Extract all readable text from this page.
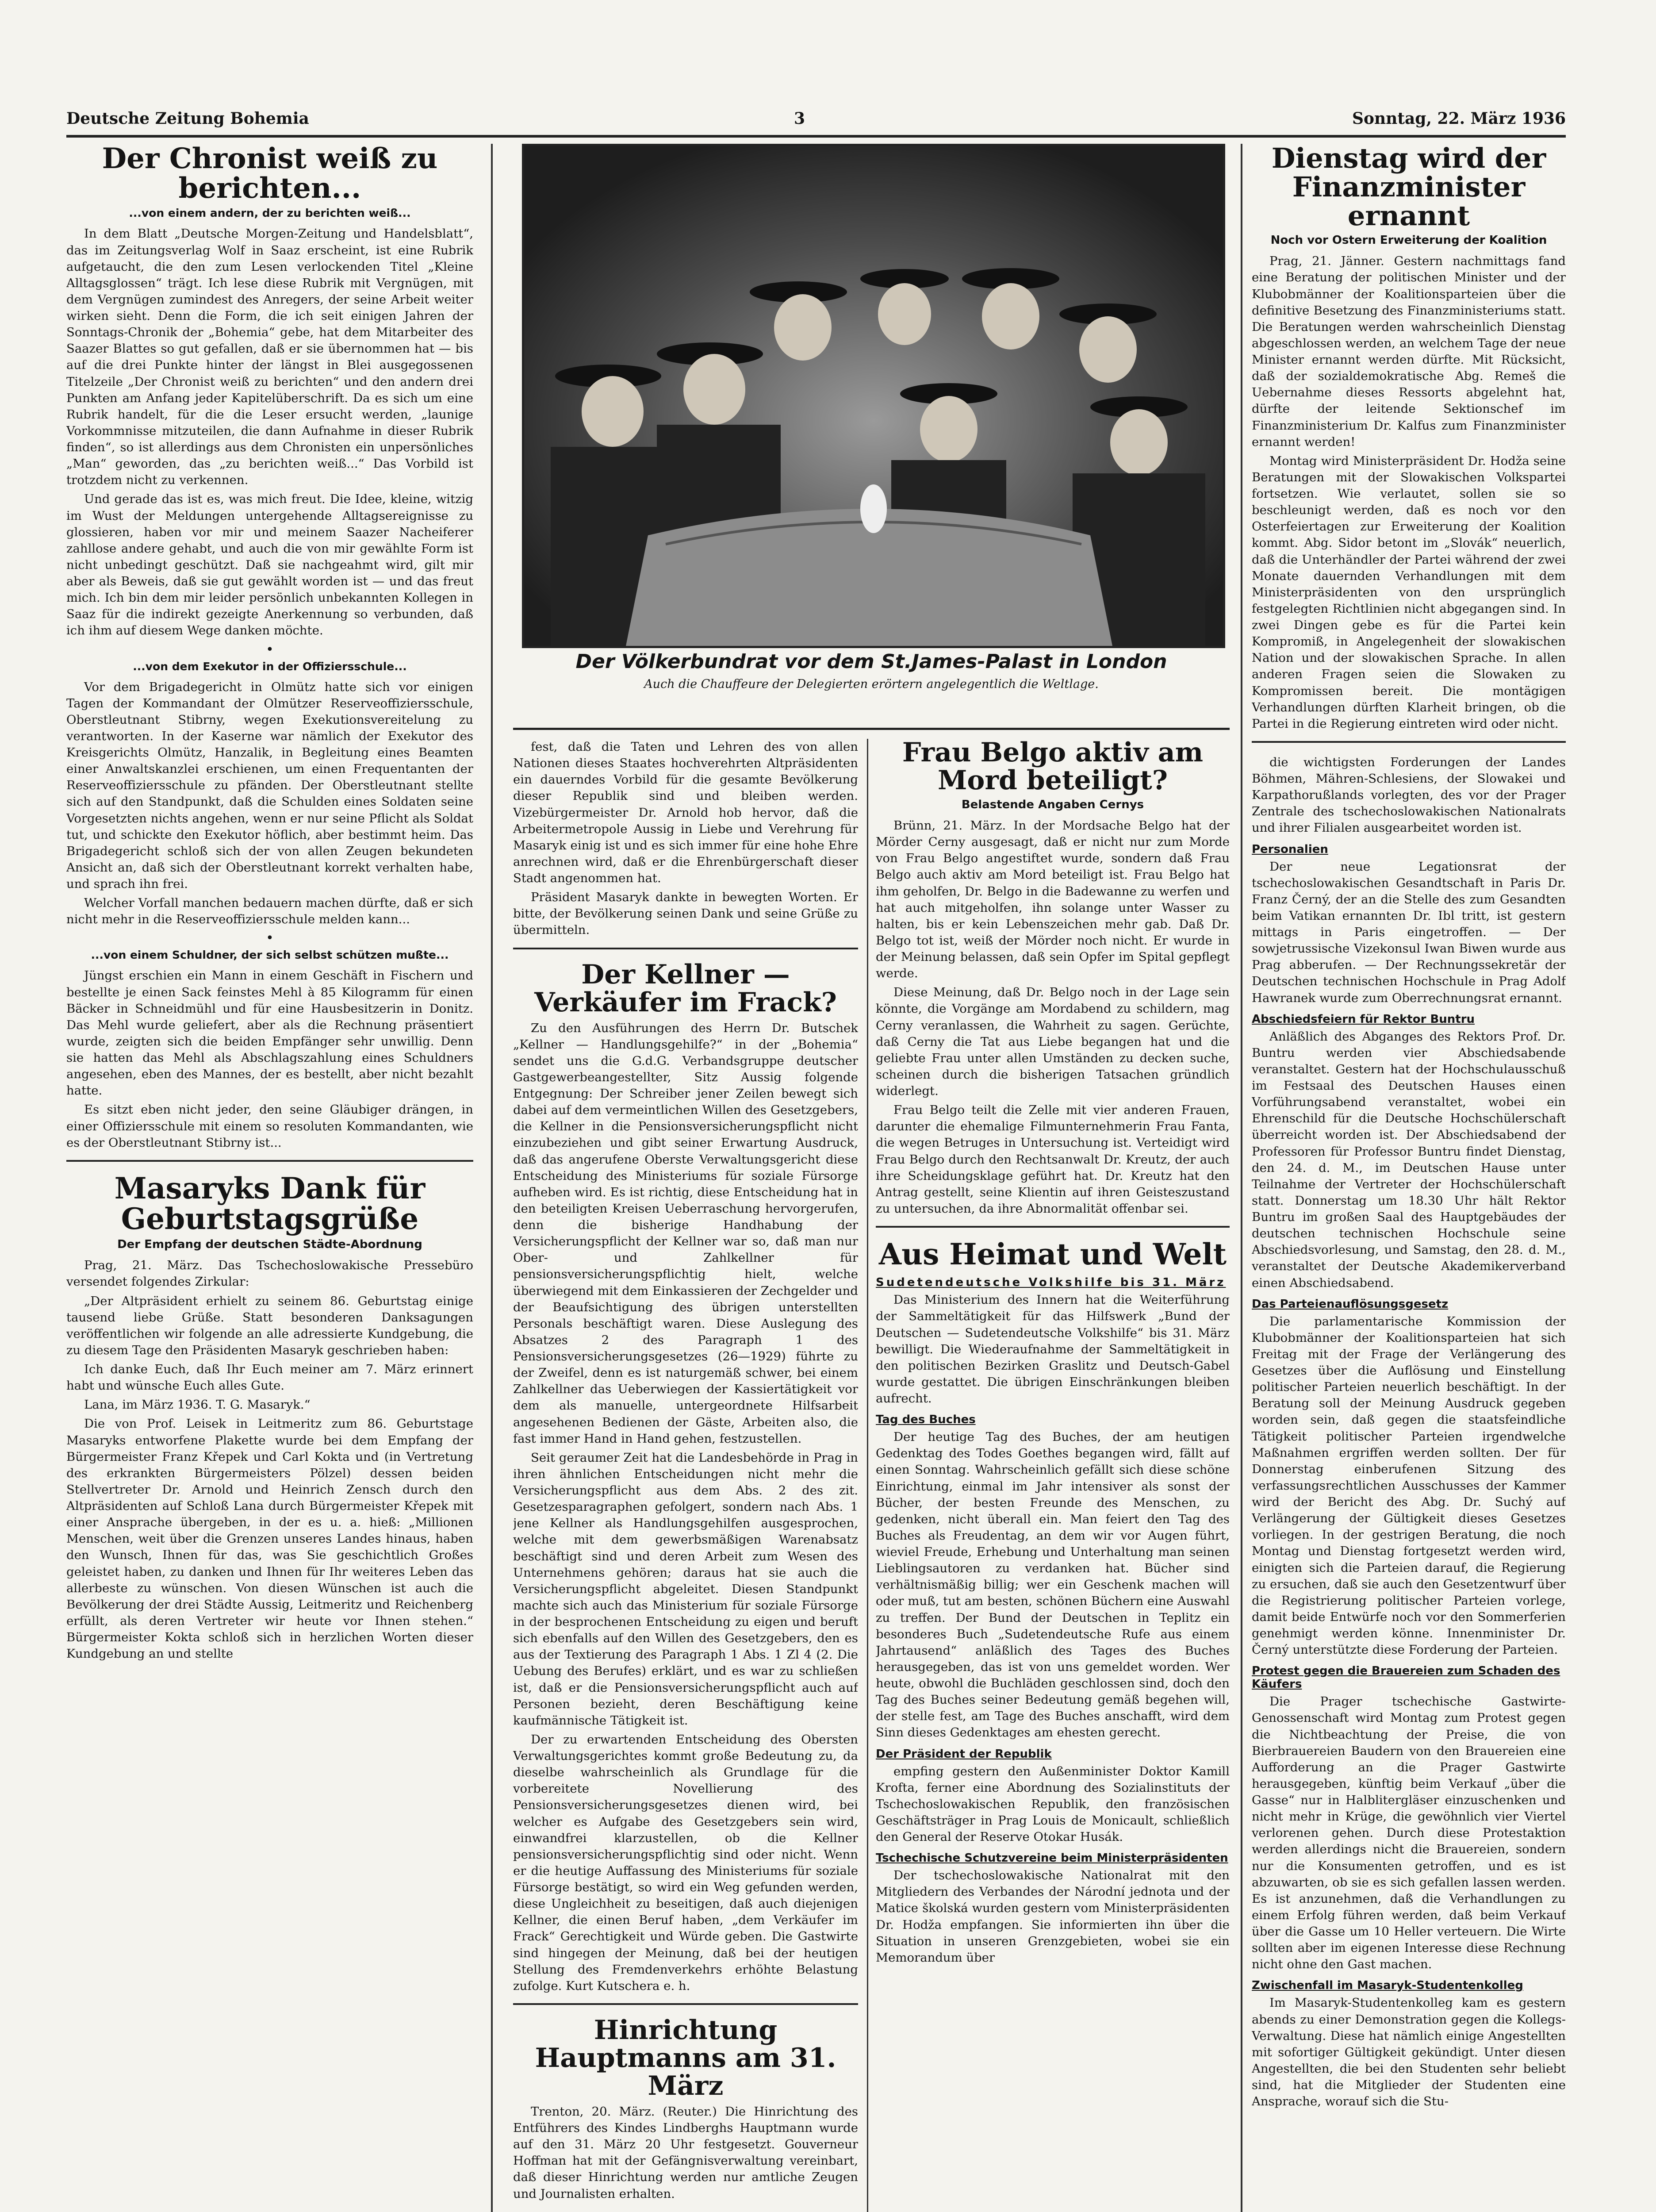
Deutsche Zeitung Bohemia	3	Sonntag, 22. März 1936
Der Chronist weiß zu berichten...
...von einem andern, der zu berichten weiß...

In dem Blatt „Deutsche Morgen-Zeitung und Handelsblatt“, das im Zeitungsverlag Wolf in Saaz erscheint, ist eine Rubrik aufgetaucht, die den zum Lesen verlockenden Titel „Kleine Alltagsglossen“ trägt. Ich lese diese Rubrik mit Vergnügen, mit dem Vergnügen zumindest des Anregers, der seine Arbeit weiter wirken sieht. Denn die Form, die ich seit einigen Jahren der Sonntags-Chronik der „Bohemia“ gebe, hat dem Mitarbeiter des Saazer Blattes so gut gefallen, daß er sie übernommen hat — bis auf die drei Punkte hinter der längst in Blei ausgegossenen Titelzeile „Der Chronist weiß zu berichten“ und den andern drei Punkten am Anfang jeder Kapitelüberschrift. Da es sich um eine Rubrik handelt, für die die Leser ersucht werden, „launige Vorkommnisse mitzuteilen, die dann Aufnahme in dieser Rubrik finden“, so ist allerdings aus dem Chronisten ein unpersönliches „Man“ geworden, das „zu berichten weiß...“ Das Vorbild ist trotzdem nicht zu verkennen.

Und gerade das ist es, was mich freut. Die Idee, kleine, witzig im Wust der Meldungen untergehende Alltagsereignisse zu glossieren, haben vor mir und meinem Saazer Nacheiferer zahllose andere gehabt, und auch die von mir gewählte Form ist nicht unbedingt geschützt. Daß sie nachgeahmt wird, gilt mir aber als Beweis, daß sie gut gewählt worden ist — und das freut mich. Ich bin dem mir leider persönlich unbekannten Kollegen in Saaz für die indirekt gezeigte Anerkennung so verbunden, daß ich ihm auf diesem Wege danken möchte.

•
...von dem Exekutor in der Offiziersschule...

Vor dem Brigadegericht in Olmütz hatte sich vor einigen Tagen der Kommandant der Olmützer Reserveoffiziersschule, Oberstleutnant Stibrny, wegen Exekutionsvereitelung zu verantworten. In der Kaserne war nämlich der Exekutor des Kreisgerichts Olmütz, Hanzalik, in Begleitung eines Beamten einer Anwaltskanzlei erschienen, um einen Frequentanten der Reserveoffiziersschule zu pfänden. Der Oberstleutnant stellte sich auf den Standpunkt, daß die Schulden eines Soldaten seine Vorgesetzten nichts angehen, wenn er nur seine Pflicht als Soldat tut, und schickte den Exekutor höflich, aber bestimmt heim. Das Brigadegericht schloß sich der von allen Zeugen bekundeten Ansicht an, daß sich der Oberstleutnant korrekt verhalten habe, und sprach ihn frei.

Welcher Vorfall manchen bedauern machen dürfte, daß er sich nicht mehr in die Reserveoffiziersschule melden kann...

•
...von einem Schuldner, der sich selbst schützen mußte...

Jüngst erschien ein Mann in einem Geschäft in Fischern und bestellte je einen Sack feinstes Mehl à 85 Kilogramm für einen Bäcker in Schneidmühl und für eine Hausbesitzerin in Donitz. Das Mehl wurde geliefert, aber als die Rechnung präsentiert wurde, zeigten sich die beiden Empfänger sehr unwillig. Denn sie hatten das Mehl als Abschlagszahlung eines Schuldners angesehen, eben des Mannes, der es bestellt, aber nicht bezahlt hatte.

Es sitzt eben nicht jeder, den seine Gläubiger drängen, in einer Offiziersschule mit einem so resoluten Kommandanten, wie es der Oberstleutnant Stibrny ist...

Masaryks Dank für Geburtstagsgrüße
Der Empfang der deutschen Städte-Abordnung

Prag, 21. März. Das Tschechoslowakische Pressebüro versendet folgendes Zirkular:

„Der Altpräsident erhielt zu seinem 86. Geburtstag einige tausend liebe Grüße. Statt besonderen Danksagungen veröffentlichen wir folgende an alle adressierte Kundgebung, die zu diesem Tage den Präsidenten Masaryk geschrieben haben:

Ich danke Euch, daß Ihr Euch meiner am 7. März erinnert habt und wünsche Euch alles Gute.

Lana, im März 1936. T. G. Masaryk.“

Die von Prof. Leisek in Leitmeritz zum 86. Geburtstage Masaryks entworfene Plakette wurde bei dem Empfang der Bürgermeister Franz Křepek und Carl Kokta und (in Vertretung des erkrankten Bürgermeisters Pölzel) dessen beiden Stellvertreter Dr. Arnold und Heinrich Zensch durch den Altpräsidenten auf Schloß Lana durch Bürgermeister Křepek mit einer Ansprache übergeben, in der es u. a. hieß: „Millionen Menschen, weit über die Grenzen unseres Landes hinaus, haben den Wunsch, Ihnen für das, was Sie geschichtlich Großes geleistet haben, zu danken und Ihnen für Ihr weiteres Leben das allerbeste zu wünschen. Von diesen Wünschen ist auch die Bevölkerung der drei Städte Aussig, Leitmeritz und Reichenberg erfüllt, als deren Vertreter wir heute vor Ihnen stehen.“ Bürgermeister Kokta schloß sich in herzlichen Worten dieser Kundgebung an und stellte

Der Völkerbundrat vor dem St.James-Palast in London
Auch die Chauffeure der Delegierten erörtern angelegentlich die Weltlage.

fest, daß die Taten und Lehren des von allen Nationen dieses Staates hochverehrten Altpräsidenten ein dauerndes Vorbild für die gesamte Bevölkerung dieser Republik sind und bleiben werden. Vizebürgermeister Dr. Arnold hob hervor, daß die Arbeitermetropole Aussig in Liebe und Verehrung für Masaryk einig ist und es sich immer für eine hohe Ehre anrechnen wird, daß er die Ehrenbürgerschaft dieser Stadt angenommen hat.

Präsident Masaryk dankte in bewegten Worten. Er bitte, der Bevölkerung seinen Dank und seine Grüße zu übermitteln.

Der Kellner — Verkäufer im Frack?

Zu den Ausführungen des Herrn Dr. Butschek „Kellner — Handlungsgehilfe?“ in der „Bohemia“ sendet uns die G.d.G. Verbandsgruppe deutscher Gastgewerbeangestellter, Sitz Aussig folgende Entgegnung: Der Schreiber jener Zeilen bewegt sich dabei auf dem vermeintlichen Willen des Gesetzgebers, die Kellner in die Pensionsversicherungspflicht nicht einzubeziehen und gibt seiner Erwartung Ausdruck, daß das angerufene Oberste Verwaltungsgericht diese Entscheidung des Ministeriums für soziale Fürsorge aufheben wird. Es ist richtig, diese Entscheidung hat in den beteiligten Kreisen Ueberraschung hervorgerufen, denn die bisherige Handhabung der Versicherungspflicht der Kellner war so, daß man nur Ober- und Zahlkellner für pensionsversicherungspflichtig hielt, welche überwiegend mit dem Einkassieren der Zechgelder und der Beaufsichtigung des übrigen unterstellten Personals beschäftigt waren. Diese Auslegung des Absatzes 2 des Paragraph 1 des Pensionsversicherungsgesetzes (26—1929) führte zu der Zweifel, denn es ist naturgemäß schwer, bei einem Zahlkellner das Ueberwiegen der Kassiertätigkeit vor dem als manuelle, untergeordnete Hilfsarbeit angesehenen Bedienen der Gäste, Arbeiten also, die fast immer Hand in Hand gehen, festzustellen.

Seit geraumer Zeit hat die Landesbehörde in Prag in ihren ähnlichen Entscheidungen nicht mehr die Versicherungspflicht aus dem Abs. 2 des zit. Gesetzesparagraphen gefolgert, sondern nach Abs. 1 jene Kellner als Handlungsgehilfen ausgesprochen, welche mit dem gewerbsmäßigen Warenabsatz beschäftigt sind und deren Arbeit zum Wesen des Unternehmens gehören; daraus hat sie auch die Versicherungspflicht abgeleitet. Diesen Standpunkt machte sich auch das Ministerium für soziale Fürsorge in der besprochenen Entscheidung zu eigen und beruft sich ebenfalls auf den Willen des Gesetzgebers, den es aus der Textierung des Paragraph 1 Abs. 1 Zl 4 (2. Die Uebung des Berufes) erklärt, und es war zu schließen ist, daß er die Pensionsversicherungspflicht auch auf Personen bezieht, deren Beschäftigung keine kaufmännische Tätigkeit ist.

Der zu erwartenden Entscheidung des Obersten Verwaltungsgerichtes kommt große Bedeutung zu, da dieselbe wahrscheinlich als Grundlage für die vorbereitete Novellierung des Pensionsversicherungsgesetzes dienen wird, bei welcher es Aufgabe des Gesetzgebers sein wird, einwandfrei klarzustellen, ob die Kellner pensionsversicherungspflichtig sind oder nicht. Wenn er die heutige Auffassung des Ministeriums für soziale Fürsorge bestätigt, so wird ein Weg gefunden werden, diese Ungleichheit zu beseitigen, daß auch diejenigen Kellner, die einen Beruf haben, „dem Verkäufer im Frack“ Gerechtigkeit und Würde geben. Die Gastwirte sind hingegen der Meinung, daß bei der heutigen Stellung des Fremdenverkehrs erhöhte Belastung zufolge. Kurt Kutschera e. h.

Hinrichtung Hauptmanns am 31. März

Trenton, 20. März. (Reuter.) Die Hinrichtung des Entführers des Kindes Lindberghs Hauptmann wurde auf den 31. März 20 Uhr festgesetzt. Gouverneur Hoffman hat mit der Gefängnisverwaltung vereinbart, daß dieser Hinrichtung werden nur amtliche Zeugen und Journalisten erhalten.

Frau Belgo aktiv am Mord beteiligt?
Belastende Angaben Cernys

Brünn, 21. März. In der Mordsache Belgo hat der Mörder Cerny ausgesagt, daß er nicht nur zum Morde von Frau Belgo angestiftet wurde, sondern daß Frau Belgo auch aktiv am Mord beteiligt ist. Frau Belgo hat ihm geholfen, Dr. Belgo in die Badewanne zu werfen und hat auch mitgeholfen, ihn solange unter Wasser zu halten, bis er kein Lebenszeichen mehr gab. Daß Dr. Belgo tot ist, weiß der Mörder noch nicht. Er wurde in der Meinung belassen, daß sein Opfer im Spital gepflegt werde.

Diese Meinung, daß Dr. Belgo noch in der Lage sein könnte, die Vorgänge am Mordabend zu schildern, mag Cerny veranlassen, die Wahrheit zu sagen. Gerüchte, daß Cerny die Tat aus Liebe begangen hat und die geliebte Frau unter allen Umständen zu decken suche, scheinen durch die bisherigen Tatsachen gründlich widerlegt.

Frau Belgo teilt die Zelle mit vier anderen Frauen, darunter die ehemalige Filmunternehmerin Frau Fanta, die wegen Betruges in Untersuchung ist. Verteidigt wird Frau Belgo durch den Rechtsanwalt Dr. Kreutz, der auch ihre Scheidungsklage geführt hat. Dr. Kreutz hat den Antrag gestellt, seine Klientin auf ihren Geisteszustand zu untersuchen, da ihre Abnormalität offenbar sei.

Aus Heimat und Welt
Sudetendeutsche Volkshilfe bis 31. März

Das Ministerium des Innern hat die Weiterführung der Sammeltätigkeit für das Hilfswerk „Bund der Deutschen — Sudetendeutsche Volkshilfe“ bis 31. März bewilligt. Die Wiederaufnahme der Sammeltätigkeit in den politischen Bezirken Graslitz und Deutsch-Gabel wurde gestattet. Die übrigen Einschränkungen bleiben aufrecht.

Tag des Buches

Der heutige Tag des Buches, der am heutigen Gedenktag des Todes Goethes begangen wird, fällt auf einen Sonntag. Wahrscheinlich gefällt sich diese schöne Einrichtung, einmal im Jahr intensiver als sonst der Bücher, der besten Freunde des Menschen, zu gedenken, nicht überall ein. Man feiert den Tag des Buches als Freudentag, an dem wir vor Augen führt, wieviel Freude, Erhebung und Unterhaltung man seinen Lieblingsautoren zu verdanken hat. Bücher sind verhältnismäßig billig; wer ein Geschenk machen will oder muß, tut am besten, schönen Büchern eine Auswahl zu treffen. Der Bund der Deutschen in Teplitz ein besonderes Buch „Sudetendeutsche Rufe aus einem Jahrtausend“ anläßlich des Tages des Buches herausgegeben, das ist von uns gemeldet worden. Wer heute, obwohl die Buchläden geschlossen sind, doch den Tag des Buches seiner Bedeutung gemäß begehen will, der stelle fest, am Tage des Buches anschafft, wird dem Sinn dieses Gedenktages am ehesten gerecht.

Der Präsident der Republik

empfing gestern den Außenminister Doktor Kamill Krofta, ferner eine Abordnung des Sozialinstituts der Tschechoslowakischen Republik, den französischen Geschäftsträger in Prag Louis de Monicault, schließlich den General der Reserve Otokar Husák.

Tschechische Schutzvereine beim Ministerpräsidenten

Der tschechoslowakische Nationalrat mit den Mitgliedern des Verbandes der Národní jednota und der Matice školská wurden gestern vom Ministerpräsidenten Dr. Hodža empfangen. Sie informierten ihn über die Situation in unseren Grenzgebieten, wobei sie ein Memorandum über

Dienstag wird der Finanzminister ernannt
Noch vor Ostern Erweiterung der Koalition

Prag, 21. Jänner. Gestern nachmittags fand eine Beratung der politischen Minister und der Klubobmänner der Koalitionsparteien über die definitive Besetzung des Finanzministeriums statt. Die Beratungen werden wahrscheinlich Dienstag abgeschlossen werden, an welchem Tage der neue Minister ernannt werden dürfte. Mit Rücksicht, daß der sozialdemokratische Abg. Remeš die Uebernahme dieses Ressorts abgelehnt hat, dürfte der leitende Sektionschef im Finanzministerium Dr. Kalfus zum Finanzminister ernannt werden!

Montag wird Ministerpräsident Dr. Hodža seine Beratungen mit der Slowakischen Volkspartei fortsetzen. Wie verlautet, sollen sie so beschleunigt werden, daß es noch vor den Osterfeiertagen zur Erweiterung der Koalition kommt. Abg. Sidor betont im „Slovák“ neuerlich, daß die Unterhändler der Partei während der zwei Monate dauernden Verhandlungen mit dem Ministerpräsidenten von den ursprünglich festgelegten Richtlinien nicht abgegangen sind. In zwei Dingen gebe es für die Partei kein Kompromiß, in Angelegenheit der slowakischen Nation und der slowakischen Sprache. In allen anderen Fragen seien die Slowaken zu Kompromissen bereit. Die montägigen Verhandlungen dürften Klarheit bringen, ob die Partei in die Regierung eintreten wird oder nicht.

die wichtigsten Forderungen der Landes Böhmen, Mähren-Schlesiens, der Slowakei und Karpathorußlands vorlegten, des vor der Prager Zentrale des tschechoslowakischen Nationalrats und ihrer Filialen ausgearbeitet worden ist.

Personalien

Der neue Legationsrat der tschechoslowakischen Gesandtschaft in Paris Dr. Franz Černý, der an die Stelle des zum Gesandten beim Vatikan ernannten Dr. Ibl tritt, ist gestern mittags in Paris eingetroffen. — Der sowjetrussische Vizekonsul Iwan Biwen wurde aus Prag abberufen. — Der Rechnungssekretär der Deutschen technischen Hochschule in Prag Adolf Hawranek wurde zum Oberrechnungsrat ernannt.

Abschiedsfeiern für Rektor Buntru

Anläßlich des Abganges des Rektors Prof. Dr. Buntru werden vier Abschiedsabende veranstaltet. Gestern hat der Hochschulausschuß im Festsaal des Deutschen Hauses einen Vorführungsabend veranstaltet, wobei ein Ehrenschild für die Deutsche Hochschülerschaft überreicht worden ist. Der Abschiedsabend der Professoren für Professor Buntru findet Dienstag, den 24. d. M., im Deutschen Hause unter Teilnahme der Vertreter der Hochschülerschaft statt. Donnerstag um 18.30 Uhr hält Rektor Buntru im großen Saal des Hauptgebäudes der deutschen technischen Hochschule seine Abschiedsvorlesung, und Samstag, den 28. d. M., veranstaltet der Deutsche Akademikerverband einen Abschiedsabend.

Das Parteienauflösungsgesetz

Die parlamentarische Kommission der Klubobmänner der Koalitionsparteien hat sich Freitag mit der Frage der Verlängerung des Gesetzes über die Auflösung und Einstellung politischer Parteien neuerlich beschäftigt. In der Beratung soll der Meinung Ausdruck gegeben worden sein, daß gegen die staatsfeindliche Tätigkeit politischer Parteien irgendwelche Maßnahmen ergriffen werden sollten. Der für Donnerstag einberufenen Sitzung des verfassungsrechtlichen Ausschusses der Kammer wird der Bericht des Abg. Dr. Suchý auf Verlängerung der Gültigkeit dieses Gesetzes vorliegen. In der gestrigen Beratung, die noch Montag und Dienstag fortgesetzt werden wird, einigten sich die Parteien darauf, die Regierung zu ersuchen, daß sie auch den Gesetzentwurf über die Registrierung politischer Parteien vorlege, damit beide Entwürfe noch vor den Sommerferien genehmigt werden könne. Innenminister Dr. Černý unterstützte diese Forderung der Parteien.

Protest gegen die Brauereien zum Schaden des Käufers

Die Prager tschechische Gastwirte-Genossenschaft wird Montag zum Protest gegen die Nichtbeachtung der Preise, die von Bierbrauereien Baudern von den Brauereien eine Aufforderung an die Prager Gastwirte herausgegeben, künftig beim Verkauf „über die Gasse“ nur in Halblitergläser einzuschenken und nicht mehr in Krüge, die gewöhnlich vier Viertel verlorenen gehen. Durch diese Protestaktion werden allerdings nicht die Brauereien, sondern nur die Konsumenten getroffen, und es ist abzuwarten, ob sie es sich gefallen lassen werden. Es ist anzunehmen, daß die Verhandlungen zu einem Erfolg führen werden, daß beim Verkauf über die Gasse um 10 Heller verteuern. Die Wirte sollten aber im eigenen Interesse diese Rechnung nicht ohne den Gast machen.

Zwischenfall im Masaryk-Studentenkolleg

Im Masaryk-Studentenkolleg kam es gestern abends zu einer Demonstration gegen die Kollegs-Verwaltung. Diese hat nämlich einige Angestellten mit sofortiger Gültigkeit gekündigt. Unter diesen Angestellten, die bei den Studenten sehr beliebt sind, hat die Mitglieder der Studenten eine Ansprache, worauf sich die Stu-
